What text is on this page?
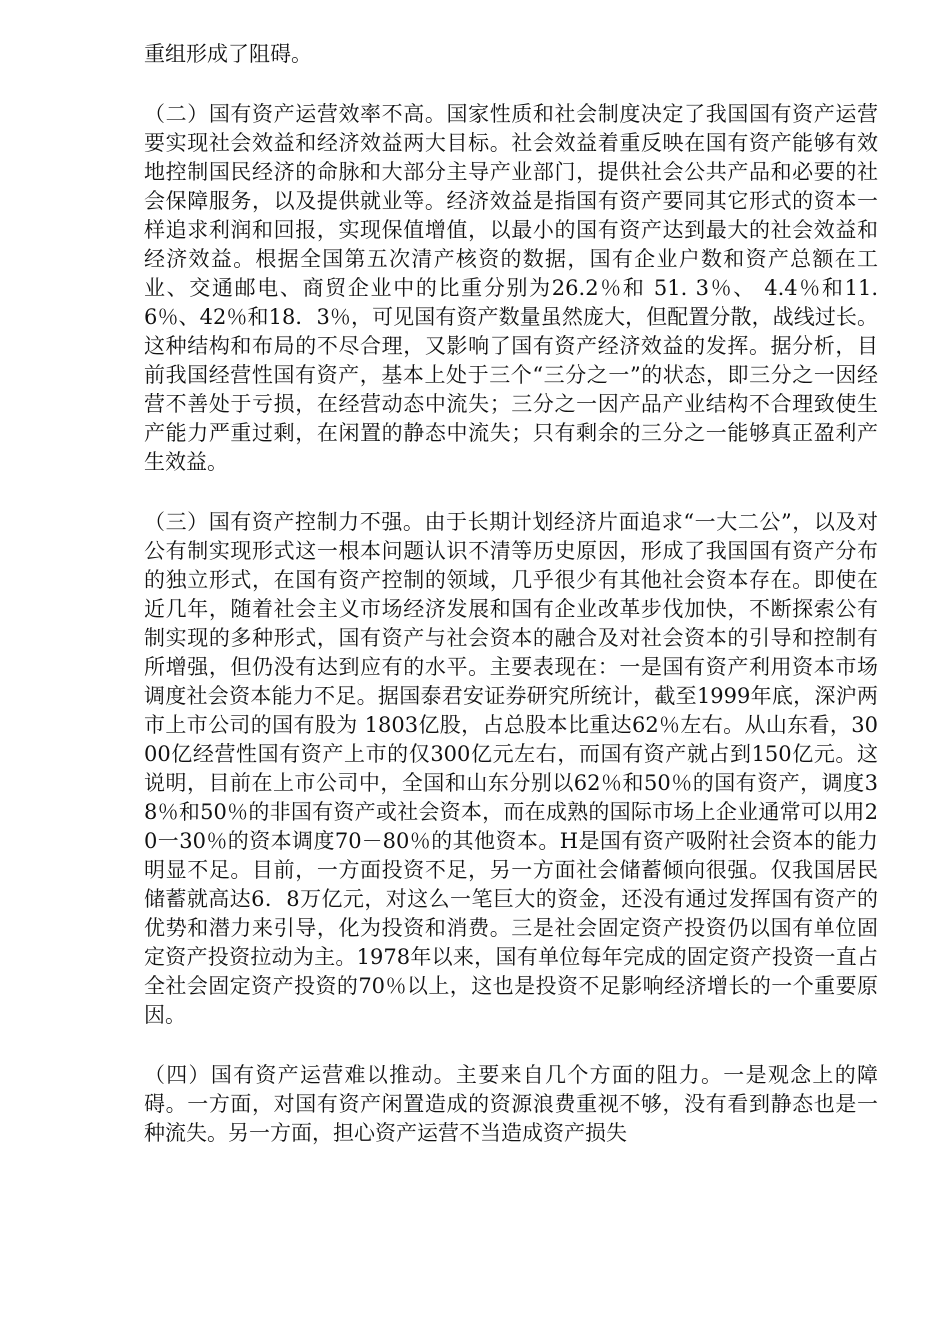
重组形成了阻碍。

（二）国有资产运营效率不高。国家性质和社会制度决定了我国国有资产运营要实现社会效益和经济效益两大目标。社会效益着重反映在国有资产能够有效地控制国民经济的命脉和大部分主导产业部门，提供社会公共产品和必要的社会保障服务，以及提供就业等。经济效益是指国有资产要同其它形式的资本一样追求利润和回报，实现保值增值，以最小的国有资产达到最大的社会效益和经济效益。根据全国第五次清产核资的数据，国有企业户数和资产总额在工业、交通邮电、商贸企业中的比重分别为26.2％和 51. 3％、 4.4％和11. 6％、42％和18．3％，可见国有资产数量虽然庞大，但配置分散，战线过长。这种结构和布局的不尽合理，又影响了国有资产经济效益的发挥。据分析，目前我国经营性国有资产，基本上处于三个“三分之一”的状态，即三分之一因经营不善处于亏损，在经营动态中流失；三分之一因产品产业结构不合理致使生产能力严重过剩，在闲置的静态中流失；只有剩余的三分之一能够真正盈利产生效益。

（三）国有资产控制力不强。由于长期计划经济片面追求“一大二公”，以及对公有制实现形式这一根本问题认识不清等历史原因，形成了我国国有资产分布的独立形式，在国有资产控制的领域，几乎很少有其他社会资本存在。即使在近几年，随着社会主义市场经济发展和国有企业改革步伐加快，不断探索公有制实现的多种形式，国有资产与社会资本的融合及对社会资本的引导和控制有所增强，但仍没有达到应有的水平。主要表现在：一是国有资产利用资本市场调度社会资本能力不足。据国泰君安证券研究所统计，截至1999年底，深沪两市上市公司的国有股为 1803亿股，占总股本比重达62％左右。从山东看，3000亿经营性国有资产上市的仅300亿元左右，而国有资产就占到150亿元。这说明，目前在上市公司中，全国和山东分别以62％和50％的国有资产，调度38％和50％的非国有资产或社会资本，而在成熟的国际市场上企业通常可以用20一30％的资本调度70－80％的其他资本。H是国有资产吸附社会资本的能力明显不足。目前，一方面投资不足，另一方面社会储蓄倾向很强。仅我国居民储蓄就高达6．8万亿元，对这么一笔巨大的资金，还没有通过发挥国有资产的优势和潜力来引导，化为投资和消费。三是社会固定资产投资仍以国有单位固定资产投资拉动为主。1978年以来，国有单位每年完成的固定资产投资一直占全社会固定资产投资的70％以上，这也是投资不足影响经济增长的一个重要原因。

（四）国有资产运营难以推动。主要来自几个方面的阻力。一是观念上的障碍。一方面，对国有资产闲置造成的资源浪费重视不够，没有看到静态也是一种流失。另一方面，担心资产运营不当造成资产损失
